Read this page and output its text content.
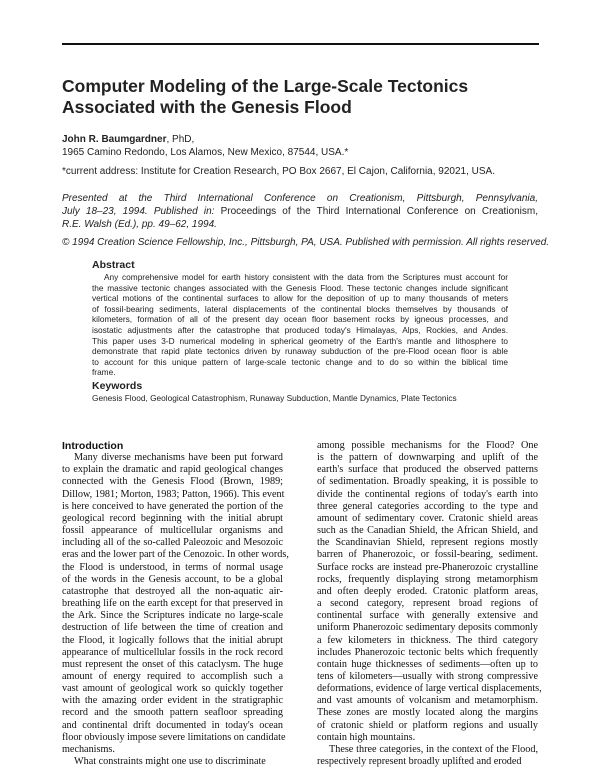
Computer Modeling of the Large-Scale Tectonics
Associated with the Genesis Flood
John R. Baumgardner, PhD,
1965 Camino Redondo, Los Alamos, New Mexico, 87544, USA.*
*current address: Institute for Creation Research, PO Box 2667, El Cajon, California, 92021, USA.
Presented at the Third International Conference on Creationism, Pittsburgh, Pennsylvania,
July 18–23, 1994. Published in: Proceedings of the Third International Conference on Creationism,
R.E. Walsh (Ed.), pp. 49–62, 1994.
© 1994 Creation Science Fellowship, Inc., Pittsburgh, PA, USA. Published with permission. All rights reserved.
Abstract
Any comprehensive model for earth history consistent with the data from the Scriptures must account for
the massive tectonic changes associated with the Genesis Flood. These tectonic changes include significant
vertical motions of the continental surfaces to allow for the deposition of up to many thousands of meters
of fossil-bearing sediments, lateral displacements of the continental blocks themselves by thousands of
kilometers, formation of all of the present day ocean floor basement rocks by igneous processes, and
isostatic adjustments after the catastrophe that produced today's Himalayas, Alps, Rockies, and Andes.
This paper uses 3-D numerical modeling in spherical geometry of the Earth's mantle and lithosphere to
demonstrate that rapid plate tectonics driven by runaway subduction of the pre-Flood ocean floor is able
to account for this unique pattern of large-scale tectonic change and to do so within the biblical time
frame.
Keywords
Genesis Flood, Geological Catastrophism, Runaway Subduction, Mantle Dynamics, Plate Tectonics
Introduction
Many diverse mechanisms have been put forward
to explain the dramatic and rapid geological changes
connected with the Genesis Flood (Brown, 1989;
Dillow, 1981; Morton, 1983; Patton, 1966). This event
is here conceived to have generated the portion of the
geological record beginning with the initial abrupt
fossil appearance of multicellular organisms and
including all of the so-called Paleozoic and Mesozoic
eras and the lower part of the Cenozoic. In other words,
the Flood is understood, in terms of normal usage
of the words in the Genesis account, to be a global
catastrophe that destroyed all the non-aquatic air-
breathing life on the earth except for that preserved in
the Ark. Since the Scriptures indicate no large-scale
destruction of life between the time of creation and
the Flood, it logically follows that the initial abrupt
appearance of multicellular fossils in the rock record
must represent the onset of this cataclysm. The huge
amount of energy required to accomplish such a
vast amount of geological work so quickly together
with the amazing order evident in the stratigraphic
record and the smooth pattern seafloor spreading
and continental drift documented in today's ocean
floor obviously impose severe limitations on candidate
mechanisms.
What constraints might one use to discriminate
among possible mechanisms for the Flood? One
is the pattern of downwarping and uplift of the
earth's surface that produced the observed patterns
of sedimentation. Broadly speaking, it is possible to
divide the continental regions of today's earth into
three general categories according to the type and
amount of sedimentary cover. Cratonic shield areas
such as the Canadian Shield, the African Shield, and
the Scandinavian Shield, represent regions mostly
barren of Phanerozoic, or fossil-bearing, sediment.
Surface rocks are instead pre-Phanerozoic crystalline
rocks, frequently displaying strong metamorphism
and often deeply eroded. Cratonic platform areas,
a second category, represent broad regions of
continental surface with generally extensive and
uniform Phanerozoic sedimentary deposits commonly
a few kilometers in thickness. The third category
includes Phanerozoic tectonic belts which frequently
contain huge thicknesses of sediments—often up to
tens of kilometers—usually with strong compressive
deformations, evidence of large vertical displacements,
and vast amounts of volcanism and metamorphism.
These zones are mostly located along the margins
of cratonic shield or platform regions and usually
contain high mountains.
These three categories, in the context of the Flood,
respectively represent broadly uplifted and eroded
